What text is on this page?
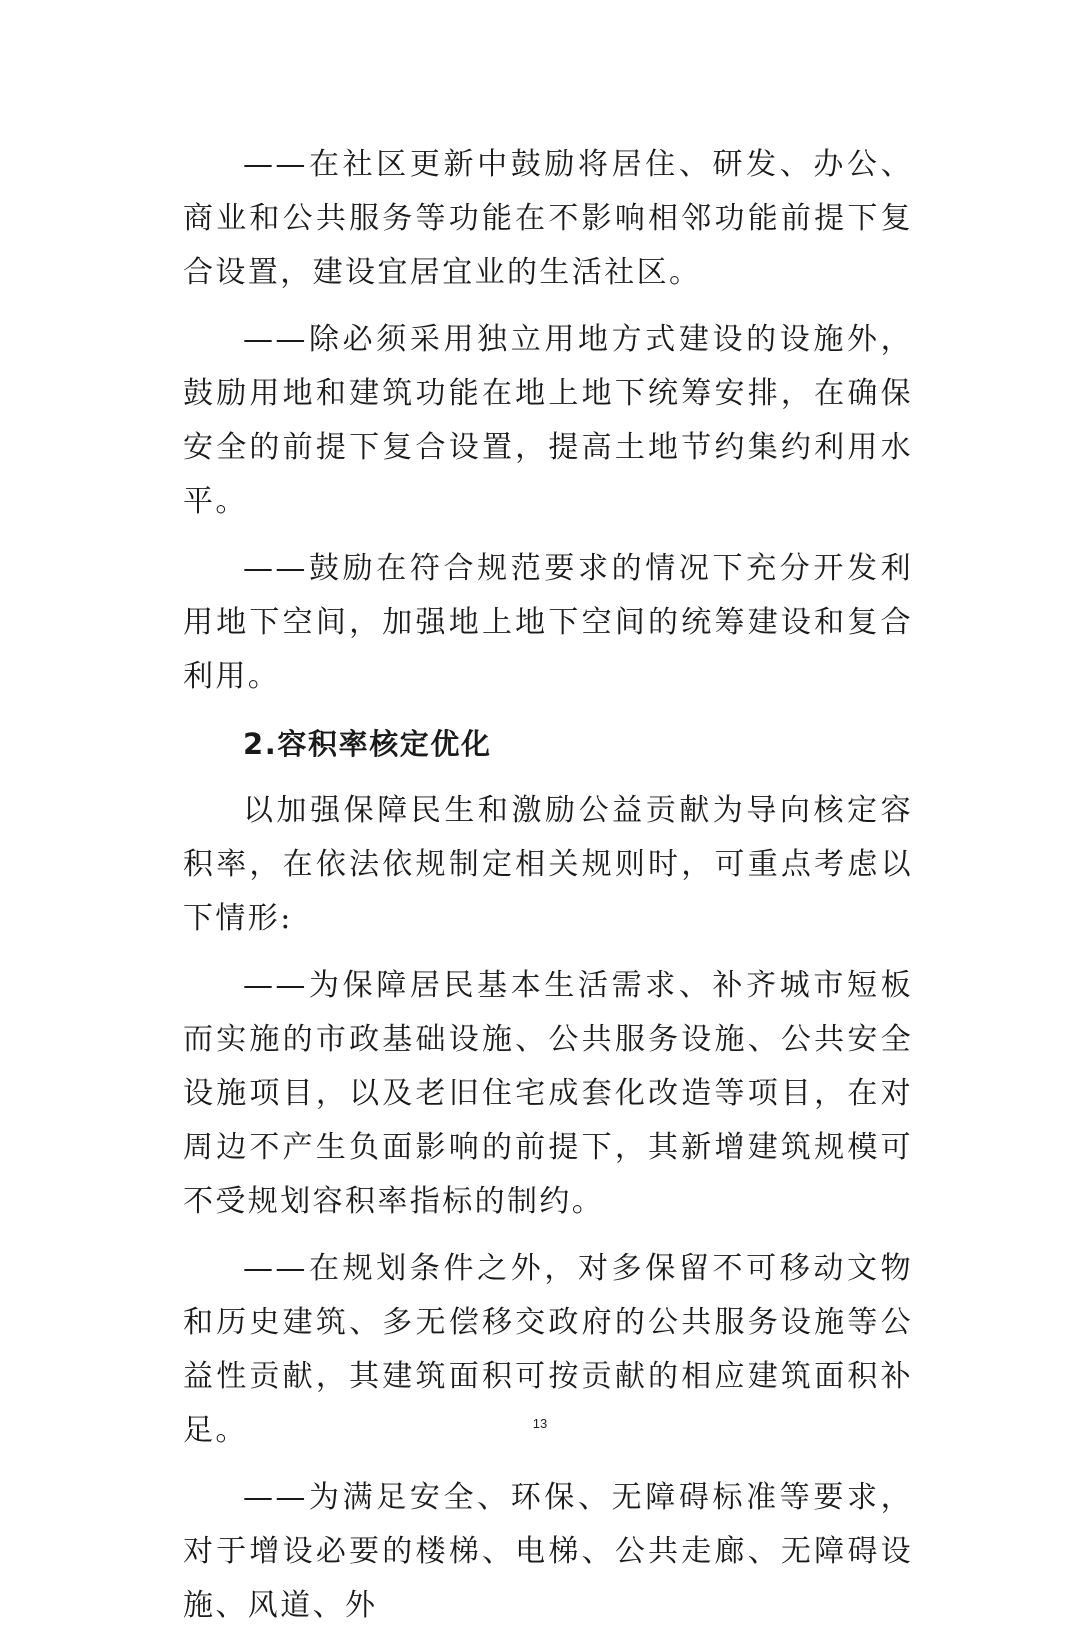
——在社区更新中鼓励将居住、研发、办公、商业和公共服务等功能在不影响相邻功能前提下复合设置，建设宜居宜业的生活社区。

——除必须采用独立用地方式建设的设施外，鼓励用地和建筑功能在地上地下统筹安排，在确保安全的前提下复合设置，提高土地节约集约利用水平。

——鼓励在符合规范要求的情况下充分开发利用地下空间，加强地上地下空间的统筹建设和复合利用。

2.容积率核定优化

以加强保障民生和激励公益贡献为导向核定容积率，在依法依规制定相关规则时，可重点考虑以下情形:

——为保障居民基本生活需求、补齐城市短板而实施的市政基础设施、公共服务设施、公共安全设施项目，以及老旧住宅成套化改造等项目，在对周边不产生负面影响的前提下，其新增建筑规模可不受规划容积率指标的制约。

——在规划条件之外，对多保留不可移动文物和历史建筑、多无偿移交政府的公共服务设施等公益性贡献，其建筑面积可按贡献的相应建筑面积补足。

——为满足安全、环保、无障碍标准等要求，对于增设必要的楼梯、电梯、公共走廊、无障碍设施、风道、外

13
